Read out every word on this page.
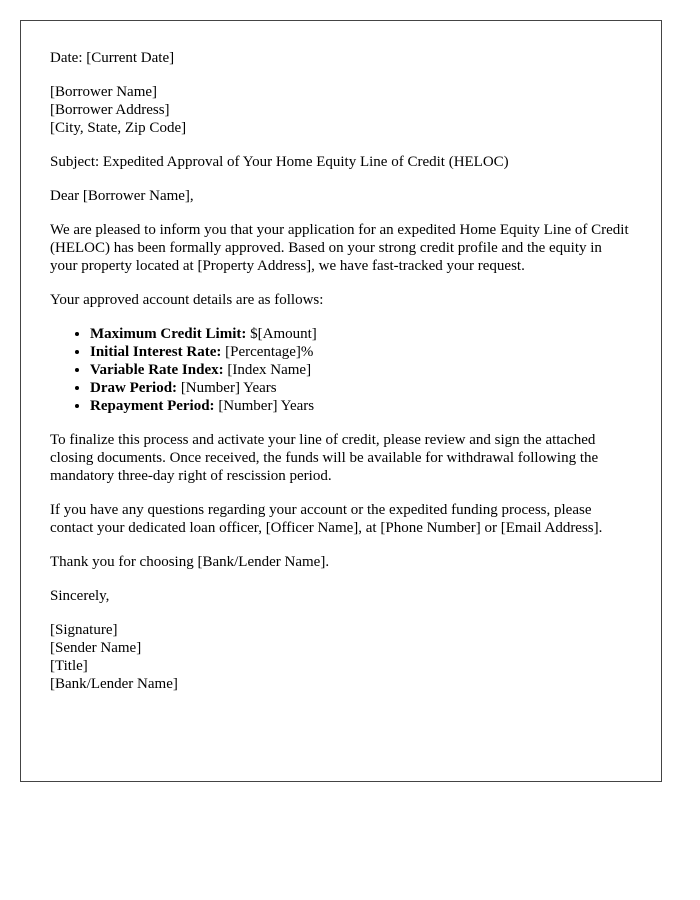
Date: [Current Date]

[Borrower Name]
[Borrower Address]
[City, State, Zip Code]

Subject: Expedited Approval of Your Home Equity Line of Credit (HELOC)

Dear [Borrower Name],

We are pleased to inform you that your application for an expedited Home Equity Line of Credit (HELOC) has been formally approved. Based on your strong credit profile and the equity in your property located at [Property Address], we have fast-tracked your request.

Your approved account details are as follows:

• Maximum Credit Limit: $[Amount]
• Initial Interest Rate: [Percentage]%
• Variable Rate Index: [Index Name]
• Draw Period: [Number] Years
• Repayment Period: [Number] Years

To finalize this process and activate your line of credit, please review and sign the attached closing documents. Once received, the funds will be available for withdrawal following the mandatory three-day right of rescission period.

If you have any questions regarding your account or the expedited funding process, please contact your dedicated loan officer, [Officer Name], at [Phone Number] or [Email Address].

Thank you for choosing [Bank/Lender Name].

Sincerely,

[Signature]
[Sender Name]
[Title]
[Bank/Lender Name]
